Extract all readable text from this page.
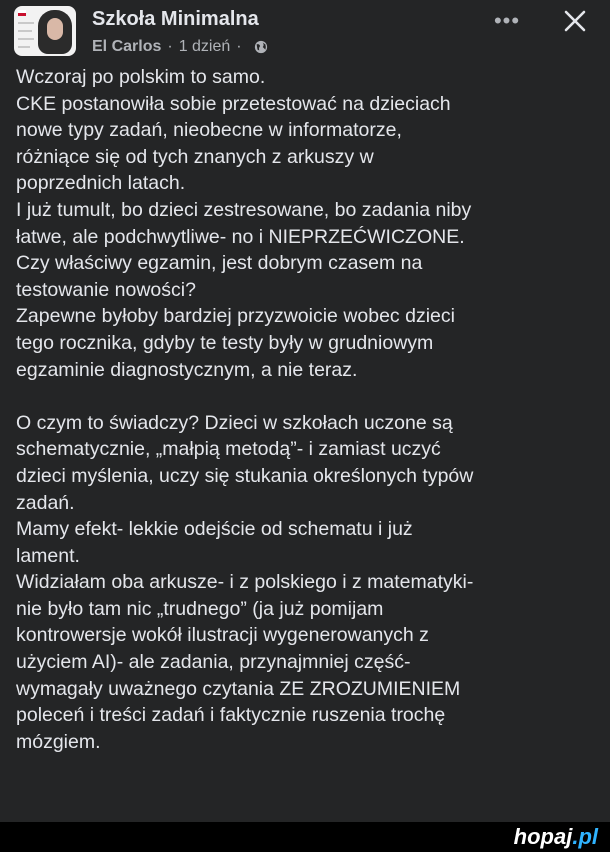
Szkoła Minimalna
El Carlos · 1 dzień ·
•••

Wczoraj po polskim to samo.

CKE postanowiła sobie przetestować na dzieciach

nowe typy zadań, nieobecne w informatorze,

różniące się od tych znanych z arkuszy w

poprzednich latach.

I już tumult, bo dzieci zestresowane, bo zadania niby

łatwe, ale podchwytliwe- no i NIEPRZEĆWICZONE.

Czy właściwy egzamin, jest dobrym czasem na

testowanie nowości?

Zapewne byłoby bardziej przyzwoicie wobec dzieci

tego rocznika, gdyby te testy były w grudniowym

egzaminie diagnostycznym, a nie teraz.

O czym to świadczy? Dzieci w szkołach uczone są

schematycznie, „małpią metodą”- i zamiast uczyć

dzieci myślenia, uczy się stukania określonych typów

zadań.

Mamy efekt- lekkie odejście od schematu i już

lament.

Widziałam oba arkusze- i z polskiego i z matematyki-

nie było tam nic „trudnego” (ja już pomijam

kontrowersje wokół ilustracji wygenerowanych z

użyciem AI)- ale zadania, przynajmniej część-

wymagały uważnego czytania ZE ZROZUMIENIEM

poleceń i treści zadań i faktycznie ruszenia trochę

mózgiem.

hopaj.pl
